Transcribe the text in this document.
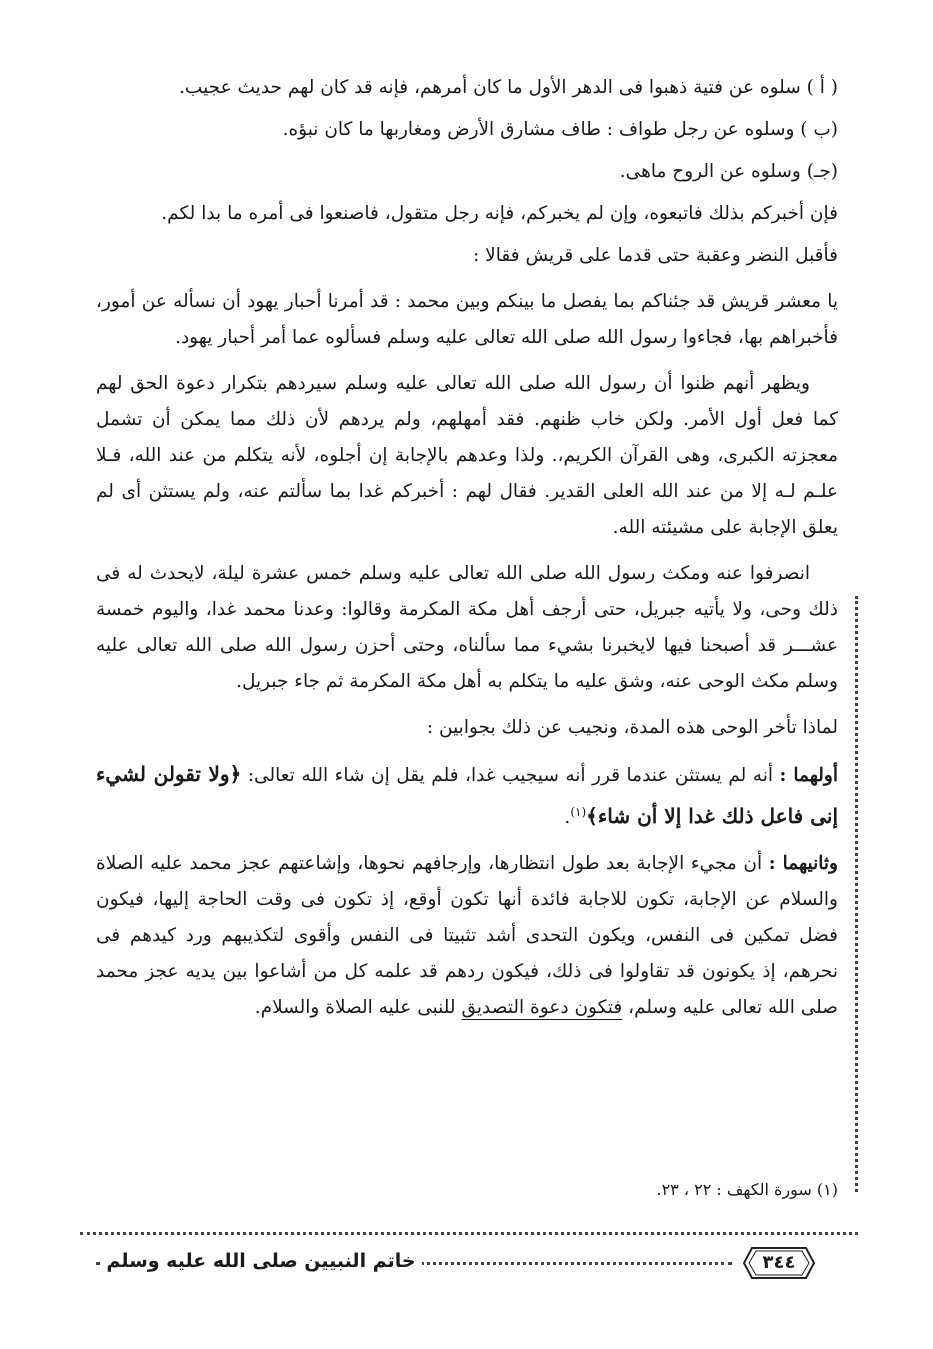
( أ ) سلوه عن فتية ذهبوا فى الدهر الأول ما كان أمرهم، فإنه قد كان لهم حديث عجيب.

(ب ) وسلوه عن رجل طواف : طاف مشارق الأرض ومغاربها ما كان نبؤه.

(جـ) وسلوه عن الروح ماهى.

فإن أخبركم بذلك فاتبعوه، وإن لم يخبركم، فإنه رجل متقول، فاصنعوا فى أمره ما بدا لكم.

فأقبل النضر وعقبة حتى قدما على قريش فقالا :

يا معشر قريش قد جئناكم بما يفصل ما بينكم وبين محمد : قد أمرنا أحبار يهود أن نسأله عن أمور، فأخبراهم بها، فجاءوا رسول الله صلى الله تعالى عليه وسلم فسألوه عما أمر أحبار يهود.

ويظهر أنهم ظنوا أن رسول الله صلى الله تعالى عليه وسلم سيردهم بتكرار دعوة الحق لهم كما فعل أول الأمر. ولكن خاب ظنهم. فقد أمهلهم، ولم يردهم لأن ذلك مما يمكن أن تشمل معجزته الكبرى، وهى القرآن الكريم،. ولذا وعدهم بالإجابة إن أجلوه، لأنه يتكلم من عند الله، فـلا علـم لـه إلا من عند الله العلى القدير. فقال لهم : أخبركم غدا بما سألتم عنه، ولم يستثن أى لم يعلق الإجابة على مشيئته الله.

انصرفوا عنه ومكث رسول الله صلى الله تعالى عليه وسلم خمس عشرة ليلة، لايحدث له فى ذلك وحى، ولا يأتيه جبريل، حتى أرجف أهل مكة المكرمة وقالوا: وعدنا محمد غدا، واليوم خمسة عشـــر قد أصبحنا فيها لايخبرنا بشيء مما سألناه، وحتى أحزن رسول الله صلى الله تعالى عليه وسلم مكث الوحى عنه، وشق عليه ما يتكلم به أهل مكة المكرمة ثم جاء جبريل.

لماذا تأخر الوحى هذه المدة، ونجيب عن ذلك بجوابين :

أولهما : أنه لم يستثن عندما قرر أنه سيجيب غدا، فلم يقل إن شاء الله تعالى: ﴿ولا تقولن لشيء إنى فاعل ذلك غدا إلا أن شاء﴾$^{(١)}$.

وثانيهما : أن مجيء الإجابة بعد طول انتظارها، وإرجافهم نحوها، وإشاعتهم عجز محمد عليه الصلاة والسلام عن الإجابة، تكون للاجابة فائدة أنها تكون أوقع، إذ تكون فى وقت الحاجة إليها، فيكون فضل تمكين فى النفس، ويكون التحدى أشد تثبيتا فى النفس وأقوى لتكذيبهم ورد كيدهم فى نحرهم، إذ يكونون قد تقاولوا فى ذلك، فيكون ردهم قد علمه كل من أشاعوا بين يديه عجز محمد صلى الله تعالى عليه وسلم، فتكون دعوة التصديق للنبى عليه الصلاة والسلام.

(١) سورة الكهف : ٢٢ ، ٢٣.
خاتم النبيين صلى الله عليه وسلم	٣٤٤
